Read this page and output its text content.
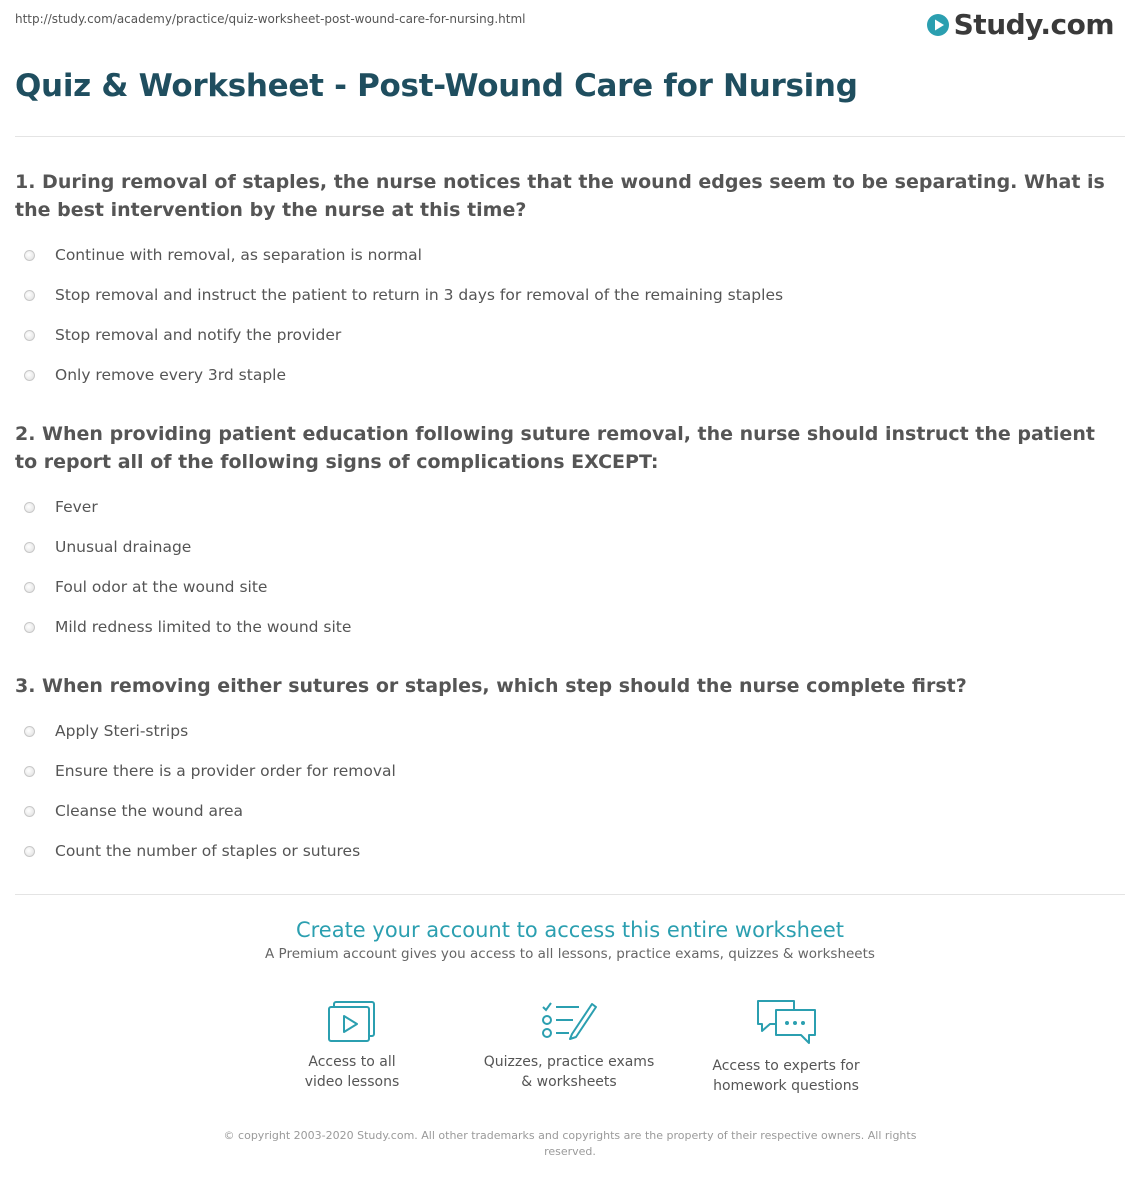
http://study.com/academy/practice/quiz-worksheet-post-wound-care-for-nursing.html	Study.com
Quiz & Worksheet - Post-Wound Care for Nursing

1. During removal of staples, the nurse notices that the wound edges seem to be separating. What is the best intervention by the nurse at this time?

Continue with removal, as separation is normal
Stop removal and instruct the patient to return in 3 days for removal of the remaining staples
Stop removal and notify the provider
Only remove every 3rd staple

2. When providing patient education following suture removal, the nurse should instruct the patient to report all of the following signs of complications EXCEPT:

Fever
Unusual drainage
Foul odor at the wound site
Mild redness limited to the wound site

3. When removing either sutures or staples, which step should the nurse complete first?

Apply Steri-strips
Ensure there is a provider order for removal
Cleanse the wound area
Count the number of staples or sutures

Create your account to access this entire worksheet

A Premium account gives you access to all lessons, practice exams, quizzes & worksheets
Access to all
video lessons
Quizzes, practice exams
& worksheets
Access to experts for
homework questions
© copyright 2003-2020 Study.com. All other trademarks and copyrights are the property of their respective owners. All rights
reserved.
